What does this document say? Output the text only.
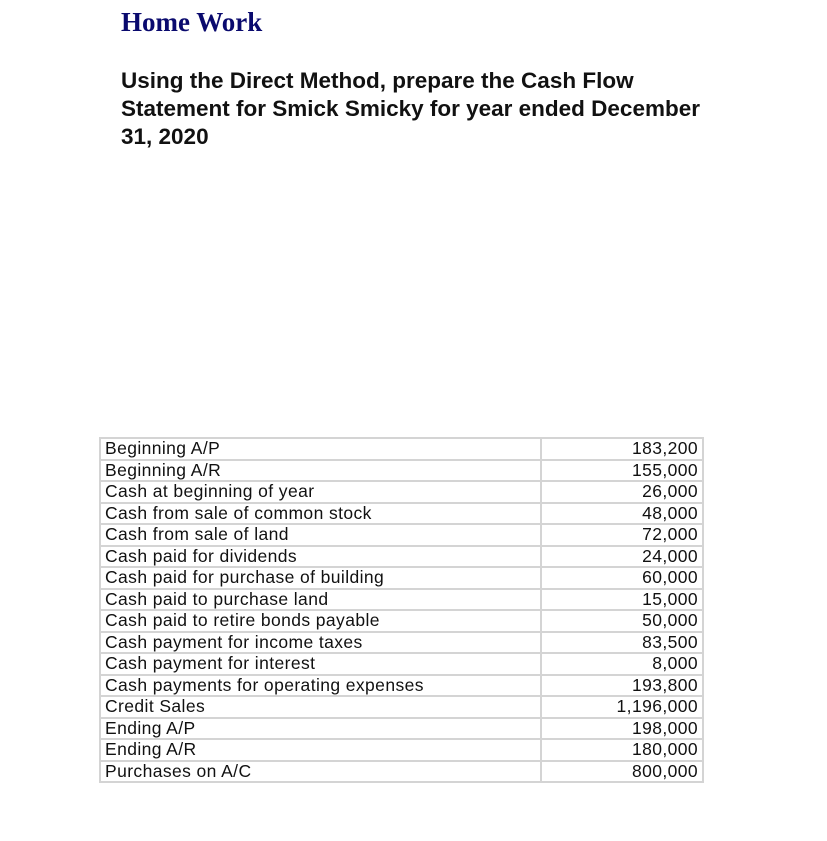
Home Work

Using the Direct Method, prepare the Cash Flow Statement for Smick Smicky for year ended December 31, 2020

Beginning A/P	183,200
Beginning A/R	155,000
Cash at beginning of year	26,000
Cash from sale of common stock	48,000
Cash from sale of land	72,000
Cash paid for dividends	24,000
Cash paid for purchase of building	60,000
Cash paid to purchase land	15,000
Cash paid to retire bonds payable	50,000
Cash payment for income taxes	83,500
Cash payment for interest	8,000
Cash payments for operating expenses	193,800
Credit Sales	1,196,000
Ending A/P	198,000
Ending A/R	180,000
Purchases on A/C	800,000
